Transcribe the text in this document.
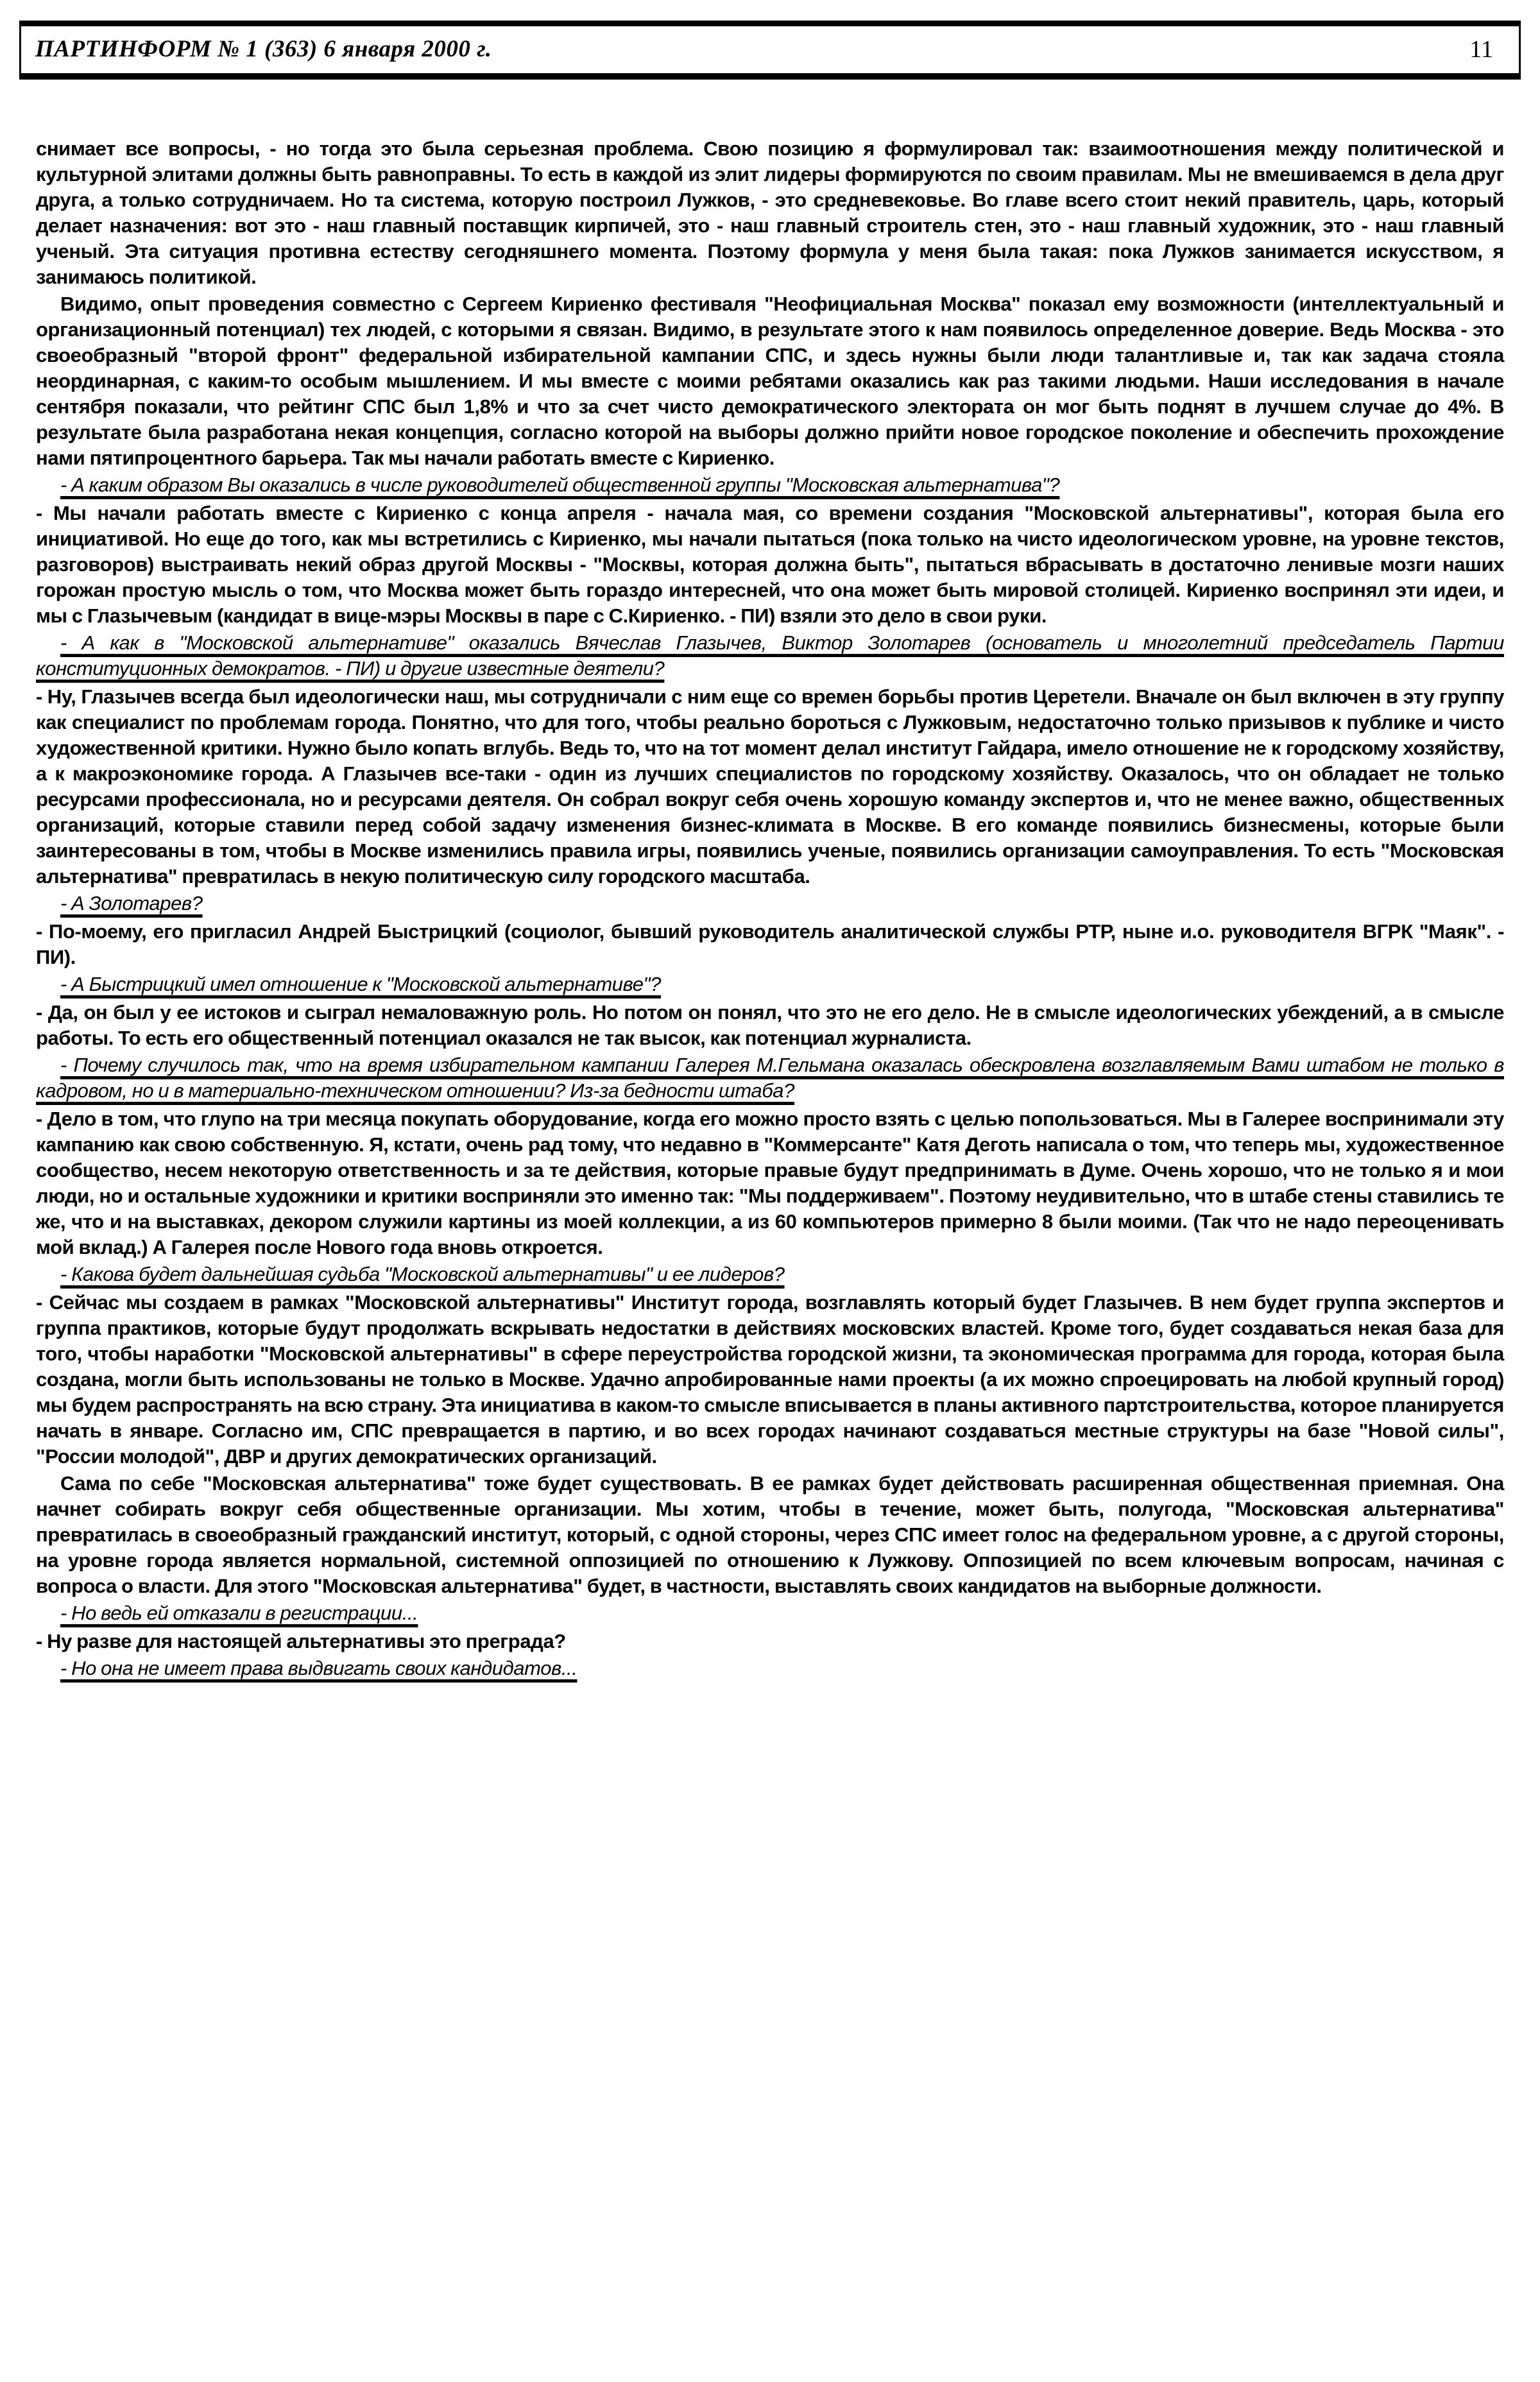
ПАРТИНФОРМ № 1 (363) 6 января 2000 г.	11

снимает все вопросы, - но тогда это была серьезная проблема. Свою позицию я формулировал так: взаимоотношения между политической и культурной элитами должны быть равноправны. То есть в каждой из элит лидеры формируются по своим правилам. Мы не вмешиваемся в дела друг друга, а только сотрудничаем. Но та система, которую построил Лужков, - это средневековье. Во главе всего стоит некий правитель, царь, который делает назначения: вот это - наш главный поставщик кирпичей, это - наш главный строитель стен, это - наш главный художник, это - наш главный ученый. Эта ситуация противна естеству сегодняшнего момента. Поэтому формула у меня была такая: пока Лужков занимается искусством, я занимаюсь политикой.

Видимо, опыт проведения совместно с Сергеем Кириенко фестиваля "Неофициальная Москва" показал ему возможности (интеллектуальный и организационный потенциал) тех людей, с которыми я связан. Видимо, в результате этого к нам появилось определенное доверие. Ведь Москва - это своеобразный "второй фронт" федеральной избирательной кампании СПС, и здесь нужны были люди талантливые и, так как задача стояла неординарная, с каким-то особым мышлением. И мы вместе с моими ребятами оказались как раз такими людьми. Наши исследования в начале сентября показали, что рейтинг СПС был 1,8% и что за счет чисто демократического электората он мог быть поднят в лучшем случае до 4%. В результате была разработана некая концепция, согласно которой на выборы должно прийти новое городское поколение и обеспечить прохождение нами пятипроцентного барьера. Так мы начали работать вместе с Кириенко.

- А каким образом Вы оказались в числе руководителей общественной группы "Московская альтернатива"?

- Мы начали работать вместе с Кириенко с конца апреля - начала мая, со времени создания "Московской альтернативы", которая была его инициативой. Но еще до того, как мы встретились с Кириенко, мы начали пытаться (пока только на чисто идеологическом уровне, на уровне текстов, разговоров) выстраивать некий образ другой Москвы - "Москвы, которая должна быть", пытаться вбрасывать в достаточно ленивые мозги наших горожан простую мысль о том, что Москва может быть гораздо интересней, что она может быть мировой столицей. Кириенко воспринял эти идеи, и мы с Глазычевым (кандидат в вице-мэры Москвы в паре с С.Кириенко. - ПИ) взяли это дело в свои руки.

- А как в "Московской альтернативе" оказались Вячеслав Глазычев, Виктор Золотарев (основатель и многолетний председатель Партии конституционных демократов. - ПИ) и другие известные деятели?

- Ну, Глазычев всегда был идеологически наш, мы сотрудничали с ним еще со времен борьбы против Церетели. Вначале он был включен в эту группу как специалист по проблемам города. Понятно, что для того, чтобы реально бороться с Лужковым, недостаточно только призывов к публике и чисто художественной критики. Нужно было копать вглубь. Ведь то, что на тот момент делал институт Гайдара, имело отношение не к городскому хозяйству, а к макроэкономике города. А Глазычев все-таки - один из лучших специалистов по городскому хозяйству. Оказалось, что он обладает не только ресурсами профессионала, но и ресурсами деятеля. Он собрал вокруг себя очень хорошую команду экспертов и, что не менее важно, общественных организаций, которые ставили перед собой задачу изменения бизнес-климата в Москве. В его команде появились бизнесмены, которые были заинтересованы в том, чтобы в Москве изменились правила игры, появились ученые, появились организации самоуправления. То есть "Московская альтернатива" превратилась в некую политическую силу городского масштаба.

- А Золотарев?

- По-моему, его пригласил Андрей Быстрицкий (социолог, бывший руководитель аналитической службы РТР, ныне и.о. руководителя ВГРК "Маяк". - ПИ).

- А Быстрицкий имел отношение к "Московской альтернативе"?

- Да, он был у ее истоков и сыграл немаловажную роль. Но потом он понял, что это не его дело. Не в смысле идеологических убеждений, а в смысле работы. То есть его общественный потенциал оказался не так высок, как потенциал журналиста.

- Почему случилось так, что на время избирательном кампании Галерея М.Гельмана оказалась обескровлена возглавляемым Вами штабом не только в кадровом, но и в материально-техническом отношении? Из-за бедности штаба?

- Дело в том, что глупо на три месяца покупать оборудование, когда его можно просто взять с целью попользоваться. Мы в Галерее воспринимали эту кампанию как свою собственную. Я, кстати, очень рад тому, что недавно в "Коммерсанте" Катя Деготь написала о том, что теперь мы, художественное сообщество, несем некоторую ответственность и за те действия, которые правые будут предпринимать в Думе. Очень хорошо, что не только я и мои люди, но и остальные художники и критики восприняли это именно так: "Мы поддерживаем". Поэтому неудивительно, что в штабе стены ставились те же, что и на выставках, декором служили картины из моей коллекции, а из 60 компьютеров примерно 8 были моими. (Так что не надо переоценивать мой вклад.) А Галерея после Нового года вновь откроется.

- Какова будет дальнейшая судьба "Московской альтернативы" и ее лидеров?

- Сейчас мы создаем в рамках "Московской альтернативы" Институт города, возглавлять который будет Глазычев. В нем будет группа экспертов и группа практиков, которые будут продолжать вскрывать недостатки в действиях московских властей. Кроме того, будет создаваться некая база для того, чтобы наработки "Московской альтернативы" в сфере переустройства городской жизни, та экономическая программа для города, которая была создана, могли быть использованы не только в Москве. Удачно апробированные нами проекты (а их можно спроецировать на любой крупный город) мы будем распространять на всю страну. Эта инициатива в каком-то смысле вписывается в планы активного партстроительства, которое планируется начать в январе. Согласно им, СПС превращается в партию, и во всех городах начинают создаваться местные структуры на базе "Новой силы", "России молодой", ДВР и других демократических организаций.

Сама по себе "Московская альтернатива" тоже будет существовать. В ее рамках будет действовать расширенная общественная приемная. Она начнет собирать вокруг себя общественные организации. Мы хотим, чтобы в течение, может быть, полугода, "Московская альтернатива" превратилась в своеобразный гражданский институт, который, с одной стороны, через СПС имеет голос на федеральном уровне, а с другой стороны, на уровне города является нормальной, системной оппозицией по отношению к Лужкову. Оппозицией по всем ключевым вопросам, начиная с вопроса о власти. Для этого "Московская альтернатива" будет, в частности, выставлять своих кандидатов на выборные должности.

- Но ведь ей отказали в регистрации...

- Ну разве для настоящей альтернативы это преграда?

- Но она не имеет права выдвигать своих кандидатов...
